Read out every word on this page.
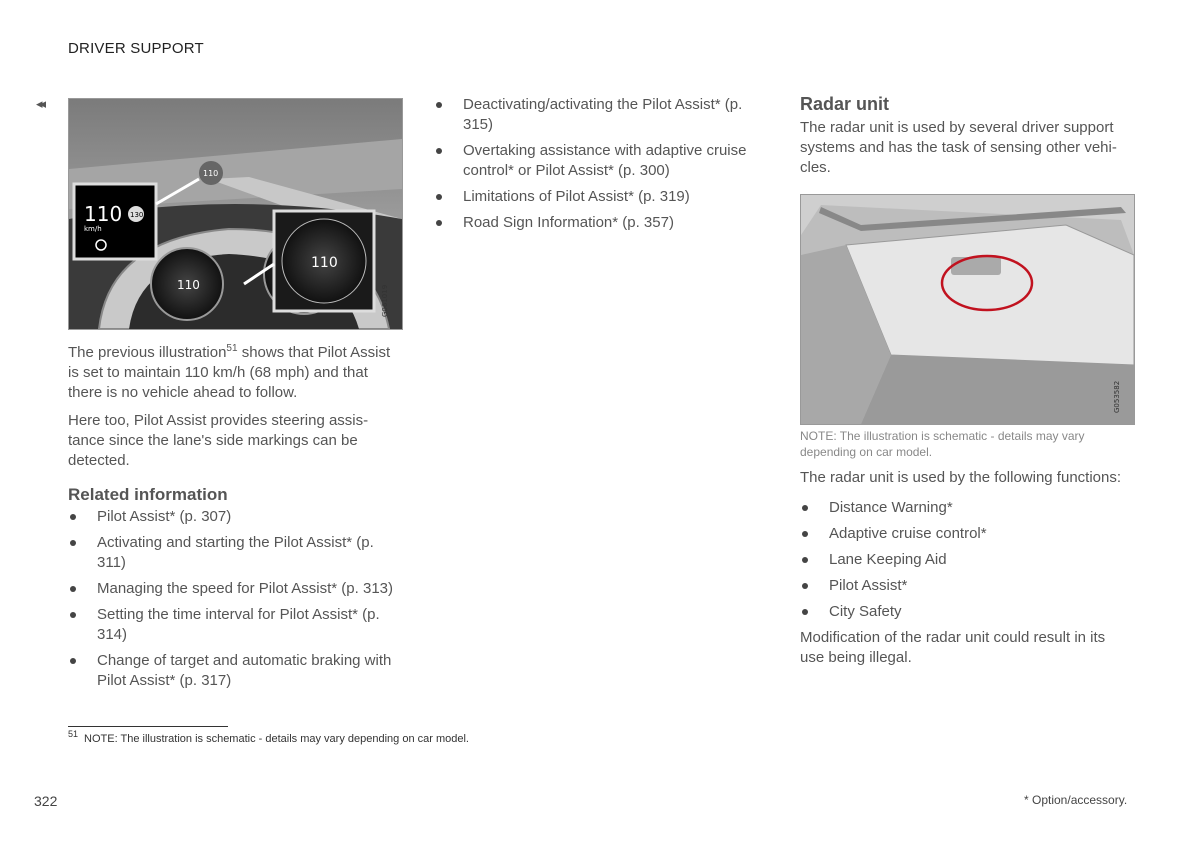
DRIVER SUPPORT
◂◂
110
110
km/h
130
110
110
G061019

The previous illustration$^{51}$ shows that Pilot Assist is set to maintain 110 km/h (68 mph) and that there is no vehicle ahead to follow.

Here too, Pilot Assist provides steering assis-tance since the lane's side markings can be detected.

Related information
Pilot Assist* (p. 307)
Activating and starting the Pilot Assist* (p. 311)
Managing the speed for Pilot Assist* (p. 313)
Setting the time interval for Pilot Assist* (p. 314)
Change of target and automatic braking with Pilot Assist* (p. 317)
Deactivating/activating the Pilot Assist* (p. 315)
Overtaking assistance with adaptive cruise control* or Pilot Assist* (p. 300)
Limitations of Pilot Assist* (p. 319)
Road Sign Information* (p. 357)
Radar unit

The radar unit is used by several driver support systems and has the task of sensing other vehi-cles.

G053582

NOTE: The illustration is schematic - details may vary depending on car model.

The radar unit is used by the following functions:

Distance Warning*
Adaptive cruise control*
Lane Keeping Aid
Pilot Assist*
City Safety

Modification of the radar unit could result in its use being illegal.

$^{51}$ NOTE: The illustration is schematic - details may vary depending on car model.
322	* Option/accessory.
